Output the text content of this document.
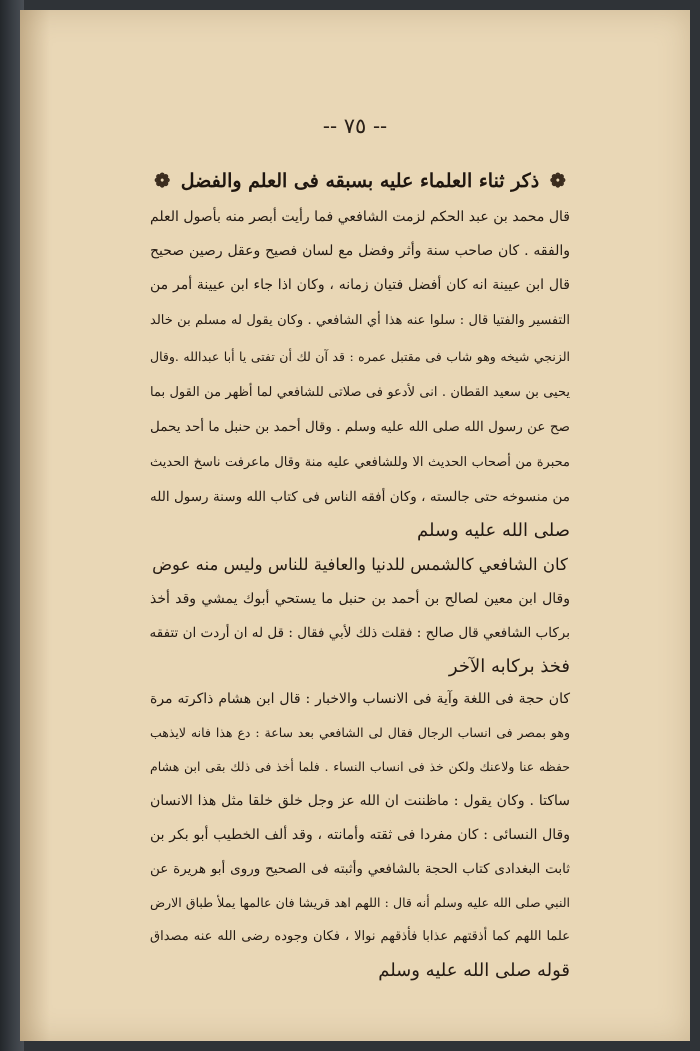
-- ٧٥ --
❁ ذكر ثناء العلماء عليه بسبقه فى العلم والفضل ❁
قال محمد بن عبد الحكم لزمت الشافعي فما رأيت أبصر منه بأصول العلم
والفقه . كان صاحب سنة وأثر وفضل مع لسان فصيح وعقل رصين صحيح
قال ابن عيينة انه كان أفضل فتيان زمانه ، وكان اذا جاء ابن عيينة أمر من
التفسير والفتيا قال : سلوا عنه هذا أي الشافعي . وكان يقول له مسلم بن خالد
الزنجي شيخه وهو شاب فى مقتبل عمره : قد آن لك أن تفتى يا أبا عبدالله .وقال
يحيى بن سعيد القطان . انى لأدعو فى صلاتى للشافعي لما أظهر من القول بما
صح عن رسول الله صلى الله عليه وسلم . وقال أحمد بن حنبل ما أحد يحمل
محبرة من أصحاب الحديث الا وللشافعي عليه منة وقال ماعرفت ناسخ الحديث
من منسوخه حتى جالسته ، وكان أفقه الناس فى كتاب الله وسنة رسول الله
صلى الله عليه وسلم
كان الشافعي كالشمس للدنيا والعافية للناس وليس منه عوض
وقال ابن معين لصالح بن أحمد بن حنبل ما يستحي أبوك يمشي وقد أخذ
بركاب الشافعي قال صالح : فقلت ذلك لأبي فقال : قل له ان أردت ان تتفقه
فخذ بركابه الآخر
كان حجة فى اللغة وآية فى الانساب والاخبار : قال ابن هشام ذاكرته مرة
وهو بمصر فى انساب الرجال فقال لى الشافعي بعد ساعة : دع هذا فانه لايذهب
حفظه عنا ولاعنك ولكن خذ فى انساب النساء . فلما أخذ فى ذلك بقى ابن هشام
ساكتا . وكان يقول : ماظننت ان الله عز وجل خلق خلقا مثل هذا الانسان
وقال النسائى : كان مفردا فى ثقته وأمانته ، وقد ألف الخطيب أبو بكر بن
ثابت البغدادى كتاب الحجة بالشافعي وأثبته فى الصحيح وروى أبو هريرة عن
النبي صلى الله عليه وسلم أنه قال : اللهم اهد قريشا فان عالمها يملأ طباق الارض
علما اللهم كما أذقتهم عذابا فأذقهم نوالا ، فكان وجوده رضى الله عنه مصداق
قوله صلى الله عليه وسلم
